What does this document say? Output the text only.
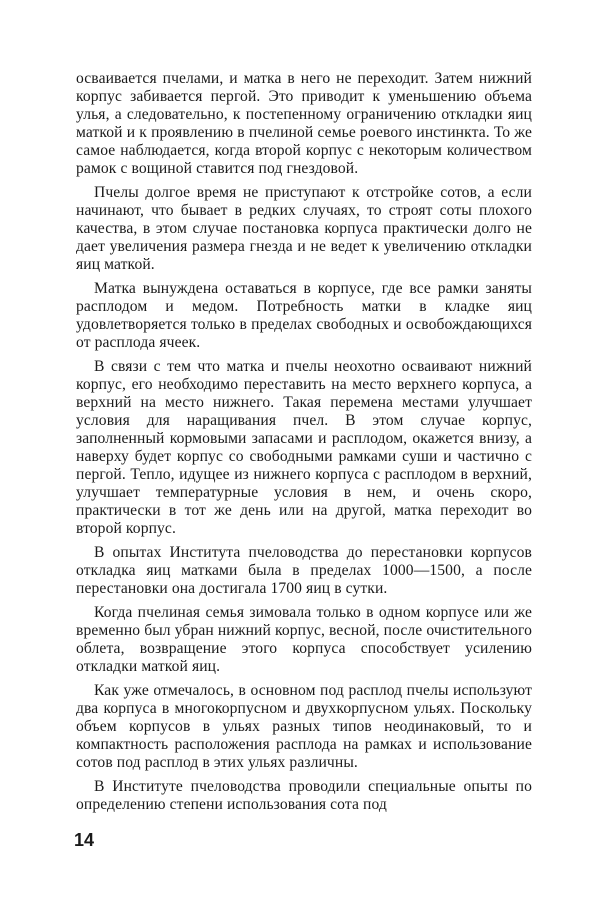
осваивается пчелами, и матка в него не переходит. Затем нижний корпус забивается пергой. Это приводит к уменьшению объема улья, а следовательно, к постепенному ограничению откладки яиц маткой и к проявлению в пчелиной семье роевого инстинкта. То же самое наблюдается, когда второй корпус с некоторым количеством рамок с вощиной ставится под гнездовой.

Пчелы долгое время не приступают к отстройке сотов, а если начинают, что бывает в редких случаях, то строят соты плохого качества, в этом случае постановка корпуса практически долго не дает увеличения размера гнезда и не ведет к увеличению откладки яиц маткой.

Матка вынуждена оставаться в корпусе, где все рамки заняты расплодом и медом. Потребность матки в кладке яиц удовлетворяется только в пределах свободных и освобождающихся от расплода ячеек.

В связи с тем что матка и пчелы неохотно осваивают нижний корпус, его необходимо переставить на место верхнего корпуса, а верхний на место нижнего. Такая перемена местами улучшает условия для наращивания пчел. В этом случае корпус, заполненный кормовыми запасами и расплодом, окажется внизу, а наверху будет корпус со свободными рамками суши и частично с пергой. Тепло, идущее из нижнего корпуса с расплодом в верхний, улучшает температурные условия в нем, и очень скоро, практически в тот же день или на другой, матка переходит во второй корпус.

В опытах Института пчеловодства до перестановки корпусов откладка яиц матками была в пределах 1000—1500, а после перестановки она достигала 1700 яиц в сутки.

Когда пчелиная семья зимовала только в одном корпусе или же временно был убран нижний корпус, весной, после очистительного облета, возвращение этого корпуса способствует усилению откладки маткой яиц.

Как уже отмечалось, в основном под расплод пчелы используют два корпуса в многокорпусном и двухкорпусном ульях. Поскольку объем корпусов в ульях разных типов неодинаковый, то и компактность расположения расплода на рамках и использование сотов под расплод в этих ульях различны.

В Институте пчеловодства проводили специальные опыты по определению степени использования сота под

14
